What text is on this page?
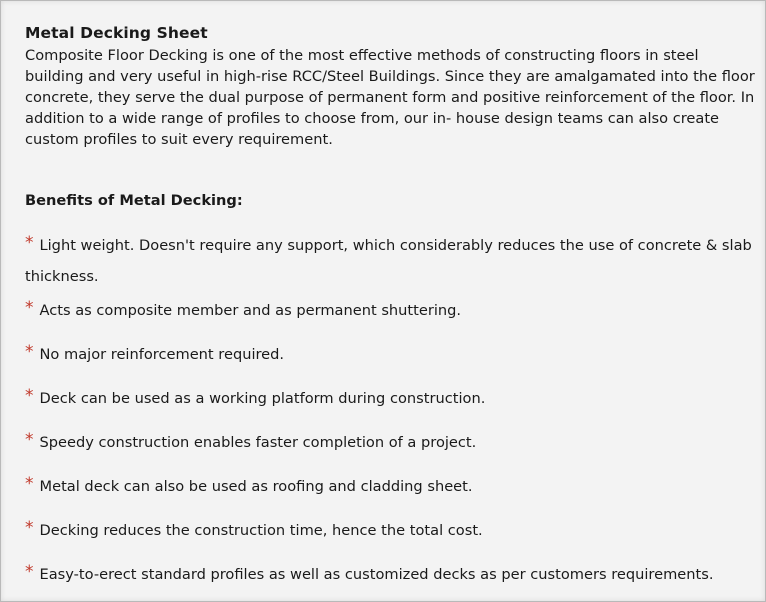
Metal Decking Sheet

Composite Floor Decking is one of the most effective methods of constructing floors in steel building and very useful in high-rise RCC/Steel Buildings. Since they are amalgamated into the floor concrete, they serve the dual purpose of permanent form and positive reinforcement of the floor. In addition to a wide range of profiles to choose from, our in- house design teams can also create custom profiles to suit every requirement.

Benefits of Metal Decking:

* Light weight. Doesn't require any support, which considerably reduces the use of concrete & slab thickness.

* Acts as composite member and as permanent shuttering.

* No major reinforcement required.

* Deck can be used as a working platform during construction.

* Speedy construction enables faster completion of a project.

* Metal deck can also be used as roofing and cladding sheet.

* Decking reduces the construction time, hence the total cost.

* Easy-to-erect standard profiles as well as customized decks as per customers requirements.
